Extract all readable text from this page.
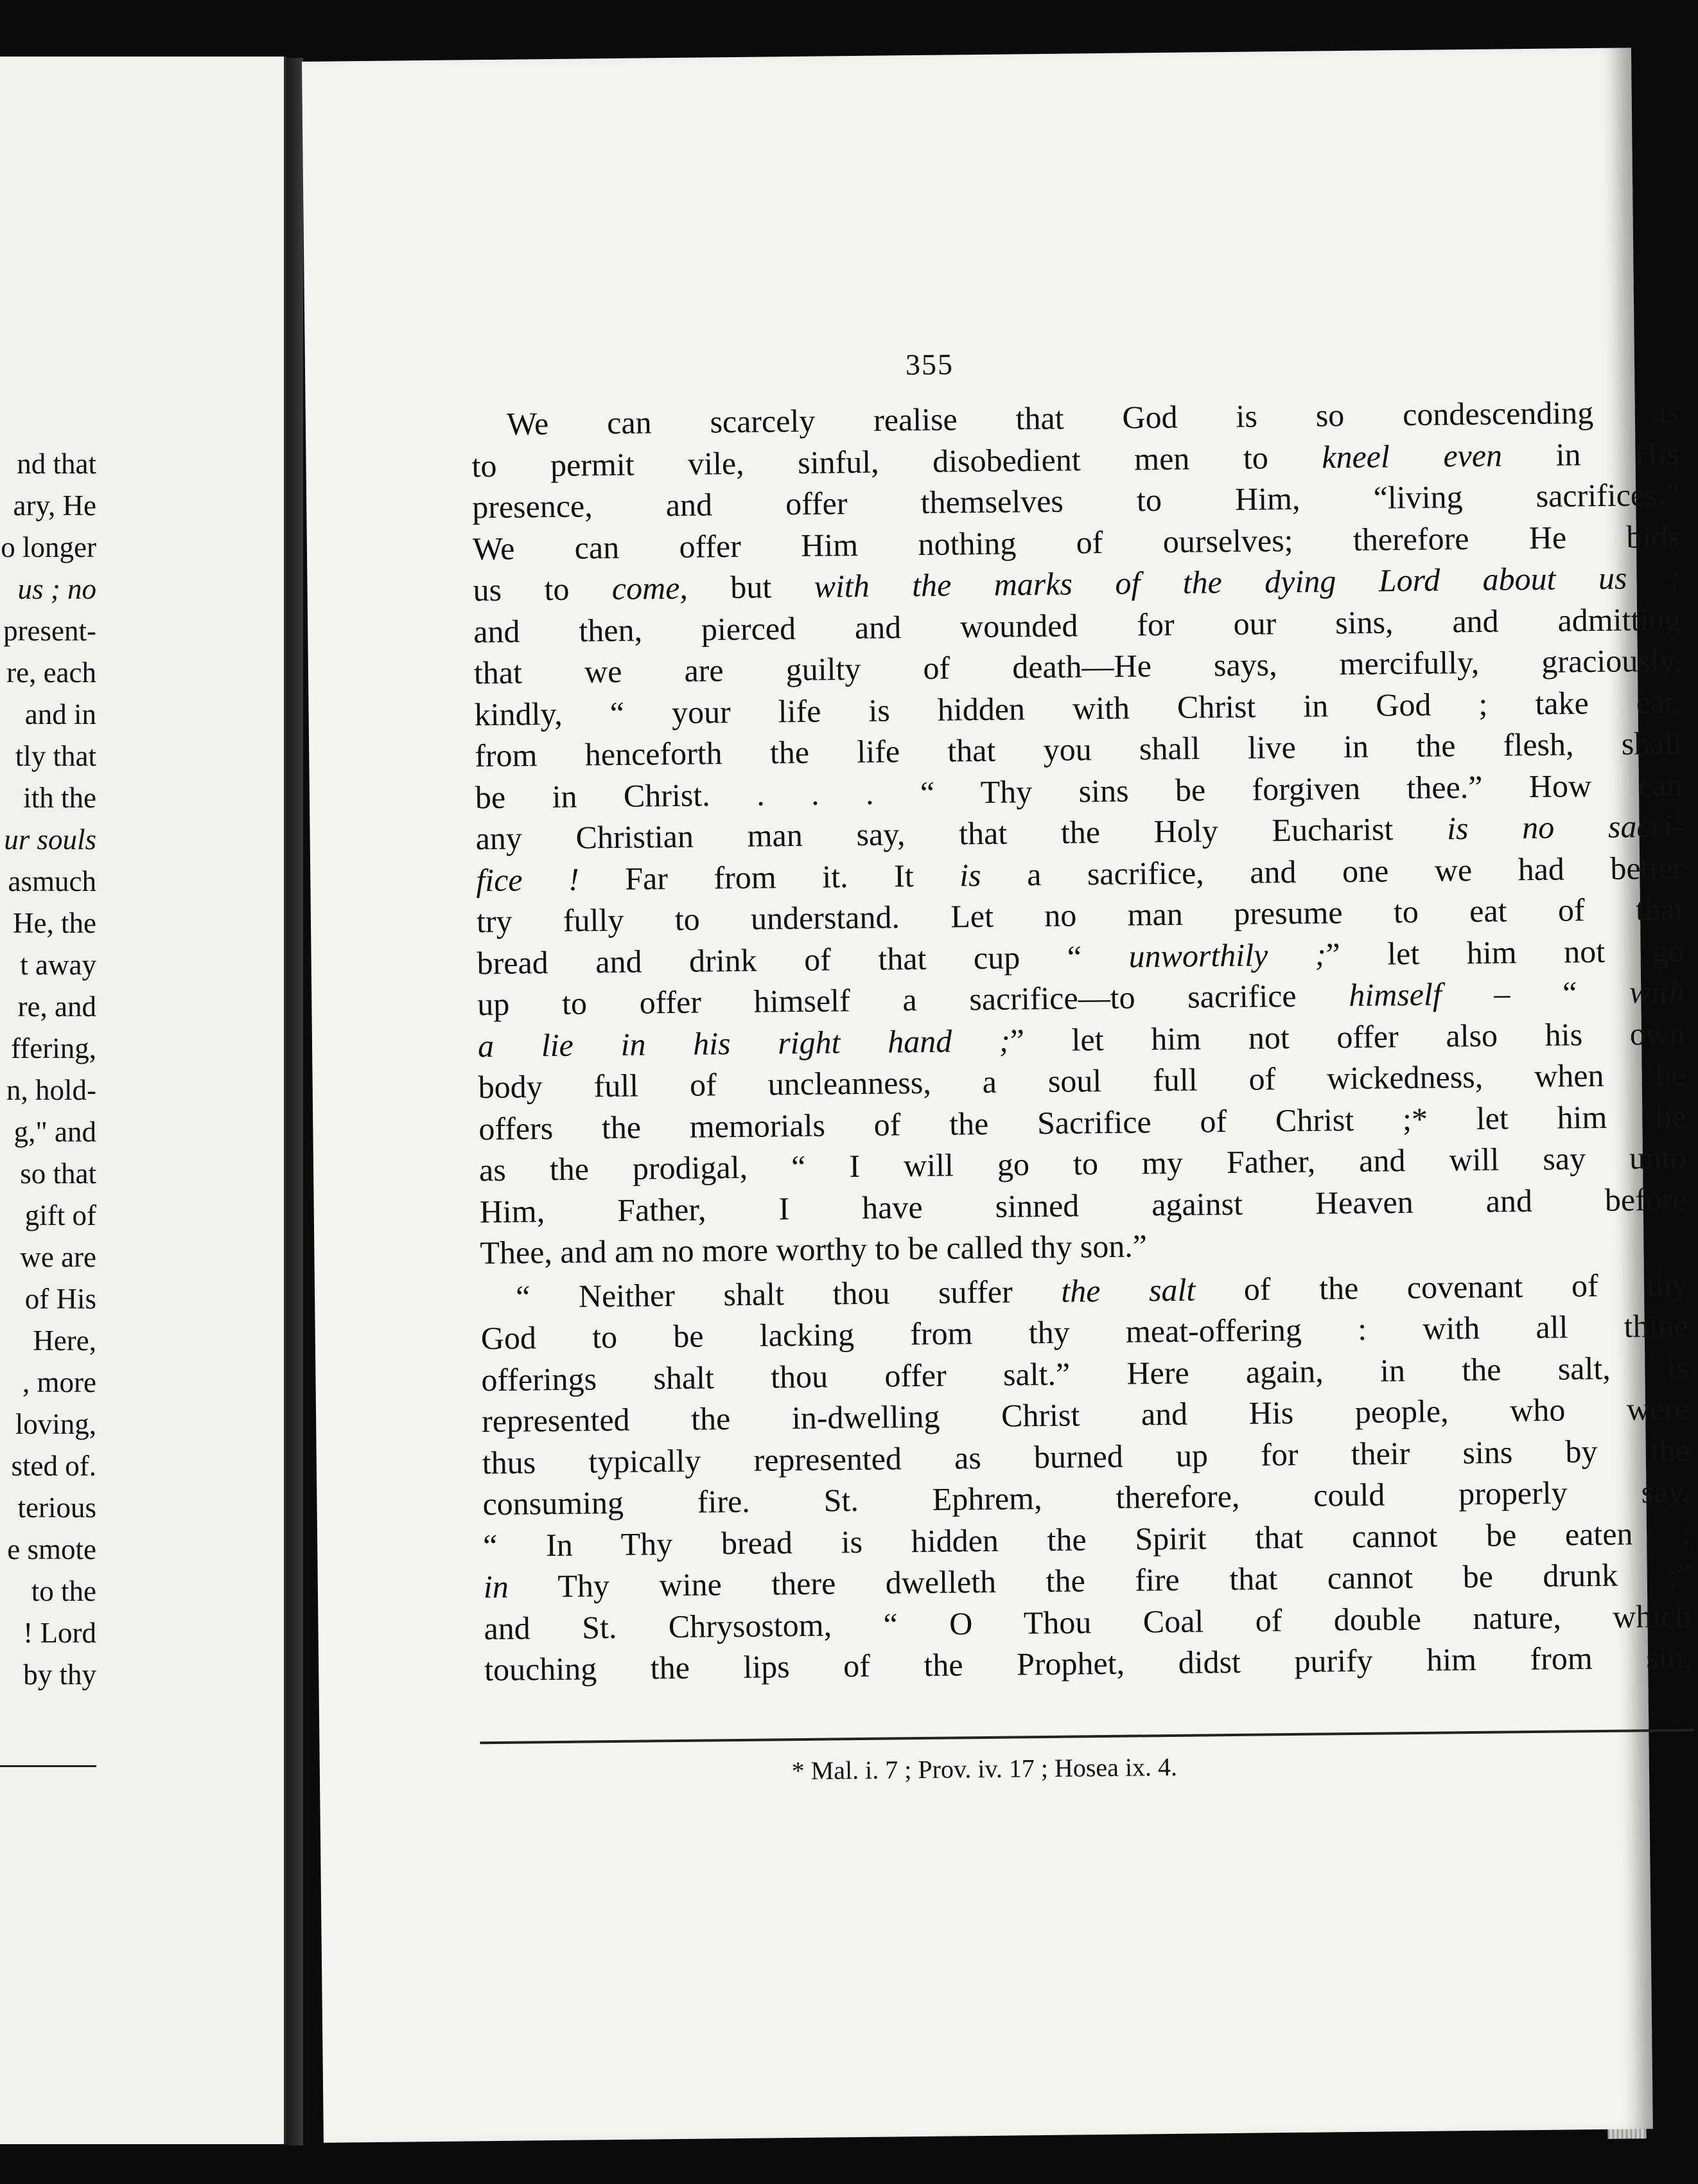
nd that
ary, He
o longer
us ; no
present-
re, each
and in
tly that
ith the
ur souls
asmuch
He, the
t away
re, and
ffering,
n, hold-
g," and
so that
gift of
we are
of His
Here,
, more
loving,
sted of.
terious
e smote
to the
! Lord
by thy
355
We can scarcely realise that God is so condescending as
to permit vile, sinful, disobedient men to kneel even in His
presence, and offer themselves to Him, “living sacrifices.”
We can offer Him nothing of ourselves; therefore He bids
us to come, but with the marks of the dying Lord about us ;
and then, pierced and wounded for our sins, and admitting
that we are guilty of death—He says, mercifully, graciously,
kindly, “ your life is hidden with Christ in God ; take eat,
from henceforth the life that you shall live in the flesh, shall
be in Christ. . . . “ Thy sins be forgiven thee.” How can
any Christian man say, that the Holy Eucharist is no sacri-
fice ! Far from it. It is a sacrifice, and one we had better
try fully to understand. Let no man presume to eat of that
bread and drink of that cup “ unworthily ;” let him not go
up to offer himself a sacrifice—to sacrifice himself – “ with
a lie in his right hand ;” let him not offer also his own
body full of uncleanness, a soul full of wickedness, when he
offers the memorials of the Sacrifice of Christ ;* let him be
as the prodigal, “ I will go to my Father, and will say unto
Him, Father, I have sinned against Heaven and before
Thee, and am no more worthy to be called thy son.”
“ Neither shalt thou suffer the salt of the covenant of thy
God to be lacking from thy meat-offering : with all thine
offerings shalt thou offer salt.” Here again, in the salt, is
represented the in-dwelling Christ and His people, who were
thus typically represented as burned up for their sins by the
consuming fire. St. Ephrem, therefore, could properly say,
“ In Thy bread is hidden the Spirit that cannot be eaten ;
in Thy wine there dwelleth the fire that cannot be drunk ;”
and St. Chrysostom, “ O Thou Coal of double nature, which
touching the lips of the Prophet, didst purify him from sin,
* Mal. i. 7 ; Prov. iv. 17 ; Hosea ix. 4.
